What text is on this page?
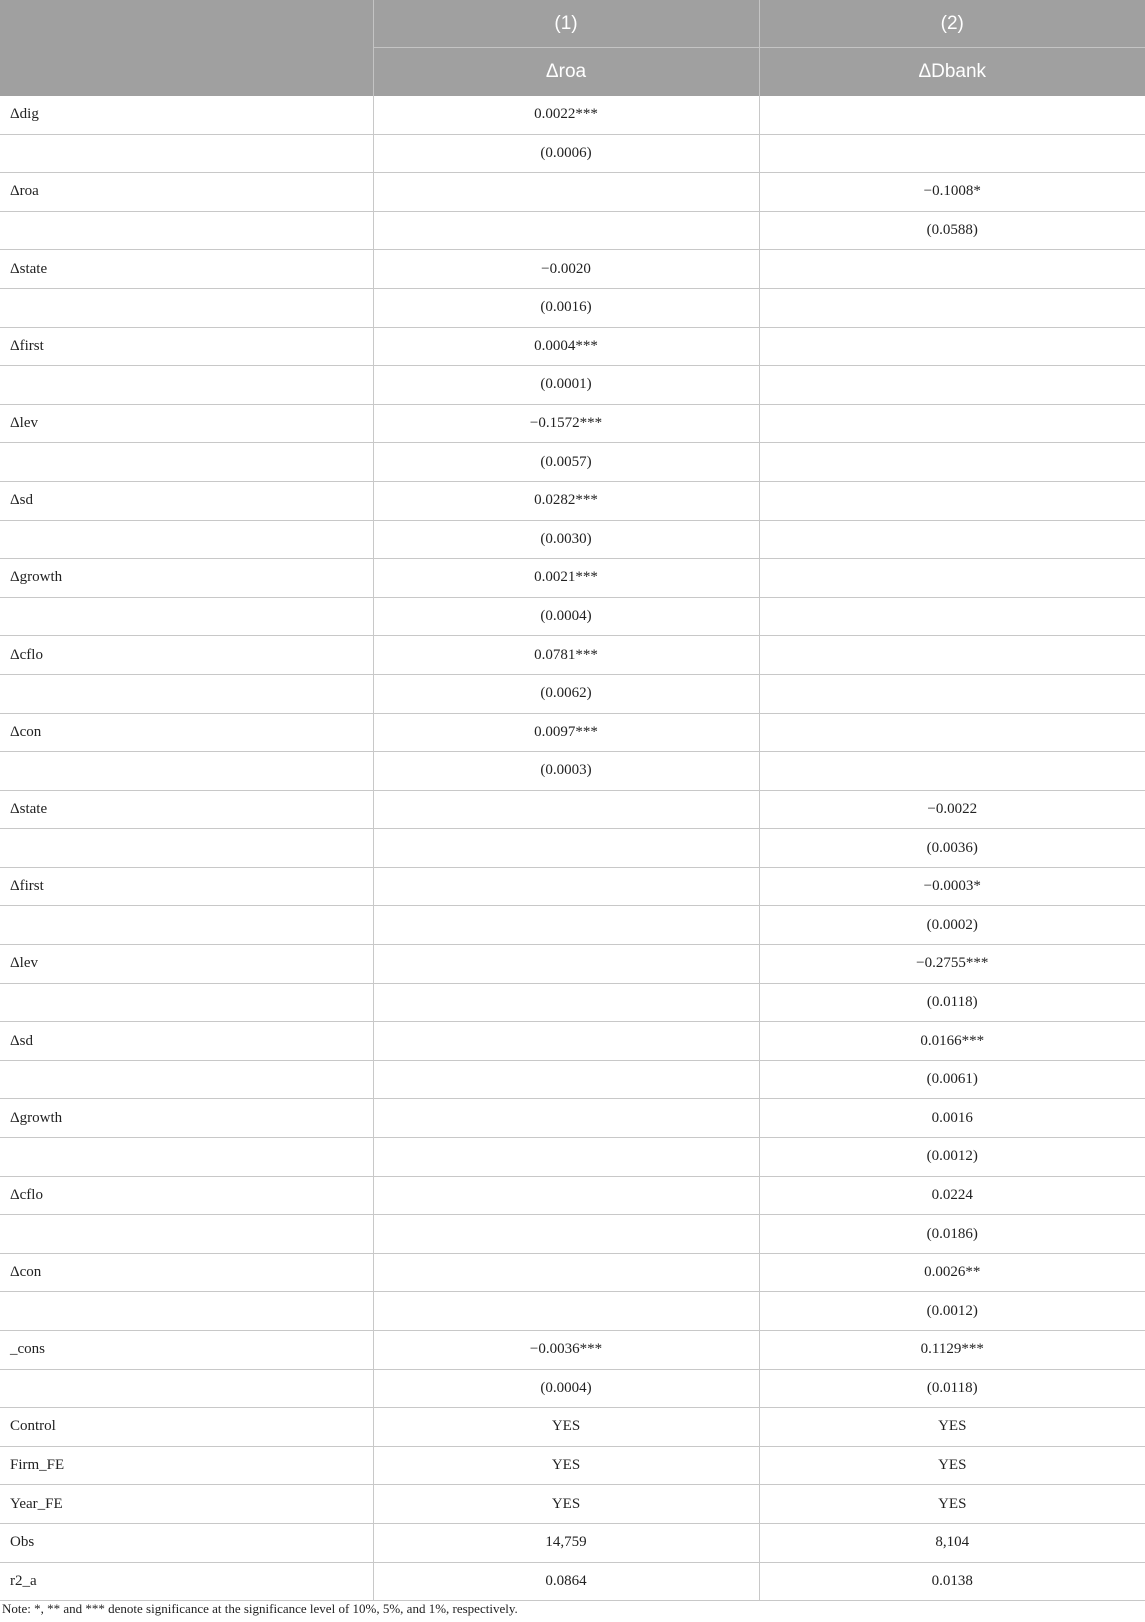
	(1)	(2)
	Δroa	ΔDbank
Δdig	0.0022***	
	(0.0006)	
Δroa		−0.1008*
		(0.0588)
Δstate	−0.0020	
	(0.0016)	
Δfirst	0.0004***	
	(0.0001)	
Δlev	−0.1572***	
	(0.0057)	
Δsd	0.0282***	
	(0.0030)	
Δgrowth	0.0021***	
	(0.0004)	
Δcflo	0.0781***	
	(0.0062)	
Δcon	0.0097***	
	(0.0003)	
Δstate		−0.0022
		(0.0036)
Δfirst		−0.0003*
		(0.0002)
Δlev		−0.2755***
		(0.0118)
Δsd		0.0166***
		(0.0061)
Δgrowth		0.0016
		(0.0012)
Δcflo		0.0224
		(0.0186)
Δcon		0.0026**
		(0.0012)
_cons	−0.0036***	0.1129***
	(0.0004)	(0.0118)
Control	YES	YES
Firm_FE	YES	YES
Year_FE	YES	YES
Obs	14,759	8,104
r2_a	0.0864	0.0138
Note: *, ** and *** denote significance at the significance level of 10%, 5%, and 1%, respectively.
